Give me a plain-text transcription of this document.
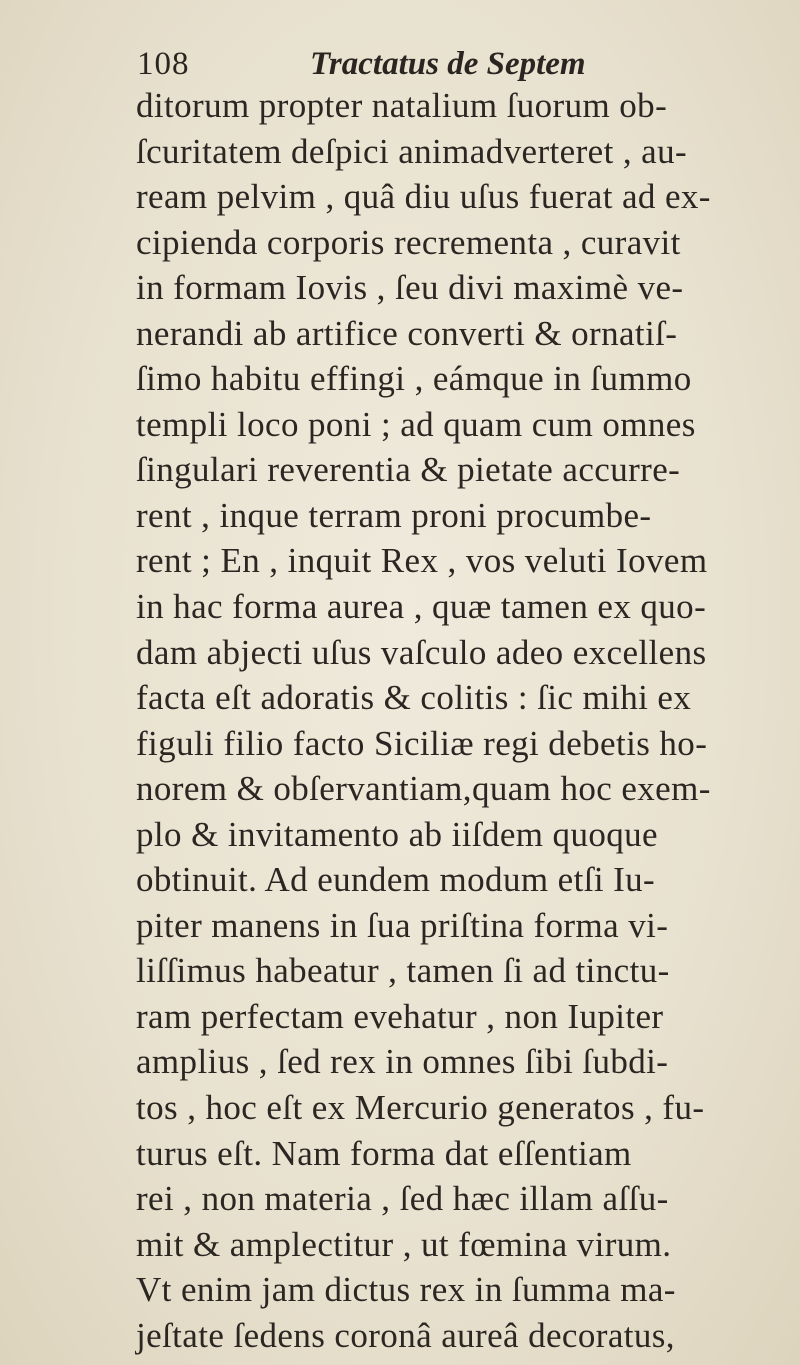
108	Tractatus de Septem
ditorum propter natalium ſuorum ob-
ſcuritatem deſpici animadverteret , au-
ream pelvim , quâ diu uſus fuerat ad ex-
cipienda corporis recrementa , curavit
in formam Iovis , ſeu divi maximè ve-
nerandi ab artifice converti & ornatiſ-
ſimo habitu effingi , eámque in ſummo
templi loco poni ; ad quam cum omnes
ſingulari reverentia & pietate accurre-
rent , inque terram proni procumbe-
rent ; En , inquit Rex , vos veluti Iovem
in hac forma aurea , quæ tamen ex quo-
dam abjecti uſus vaſculo adeo excellens
facta eſt adoratis & colitis : ſic mihi ex
figuli filio facto Siciliæ regi debetis ho-
norem & obſervantiam,quam hoc exem-
plo & invitamento ab iiſdem quoque
obtinuit. Ad eundem modum etſi Iu-
piter manens in ſua priſtina forma vi-
liſſimus habeatur , tamen ſi ad tinctu-
ram perfectam evehatur , non Iupiter
amplius , ſed rex in omnes ſibi ſubdi-
tos , hoc eſt ex Mercurio generatos , fu-
turus eſt. Nam forma dat eſſentiam
rei , non materia , ſed hæc illam aſſu-
mit & amplectitur , ut fœmina virum.
Vt enim jam dictus rex in ſumma ma-
jeſtate ſedens coronâ aureâ decoratus,
